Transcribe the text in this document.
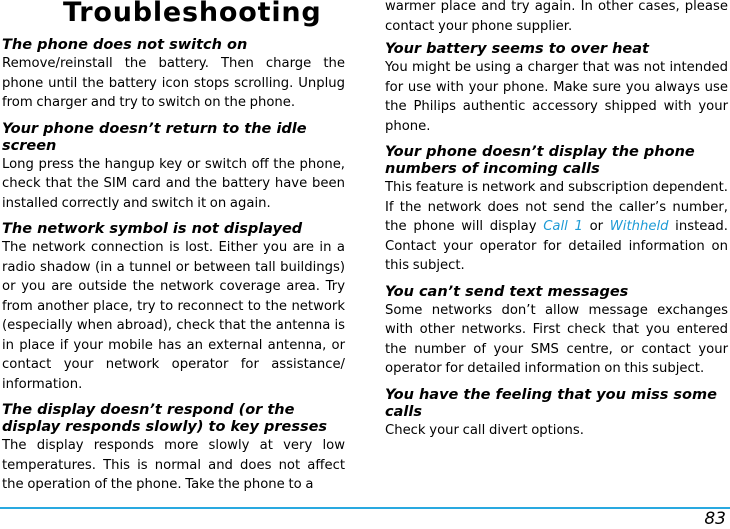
Troubleshooting
The phone does not switch on

Remove/reinstall the battery. Then charge the phone until the battery icon stops scrolling. Unplug from charger and try to switch on the phone.

Your phone doesn’t return to the idle screen

Long press the hangup key or switch off the phone, check that the SIM card and the battery have been installed correctly and switch it on again.

The network symbol is not displayed

The network connection is lost. Either you are in a radio shadow (in a tunnel or between tall buildings) or you are outside the network coverage area. Try from another place, try to reconnect to the network (especially when abroad), check that the antenna is in place if your mobile has an external antenna, or contact your network operator for assistance/ information.

The display doesn’t respond (or the
display responds slowly) to key presses

The display responds more slowly at very low temperatures. This is normal and does not affect the operation of the phone. Take the phone to a

warmer place and try again. In other cases, please contact your phone supplier.

Your battery seems to over heat

You might be using a charger that was not intended for use with your phone. Make sure you always use the Philips authentic accessory shipped with your phone.

Your phone doesn’t display the phone
numbers of incoming calls

This feature is network and subscription dependent. If the network does not send the caller’s number, the phone will display Call 1 or Withheld instead. Contact your operator for detailed information on this subject.

You can’t send text messages

Some networks don’t allow message exchanges with other networks. First check that you entered the number of your SMS centre, or contact your operator for detailed information on this subject.

You have the feeling that you miss some
calls

Check your call divert options.

83
